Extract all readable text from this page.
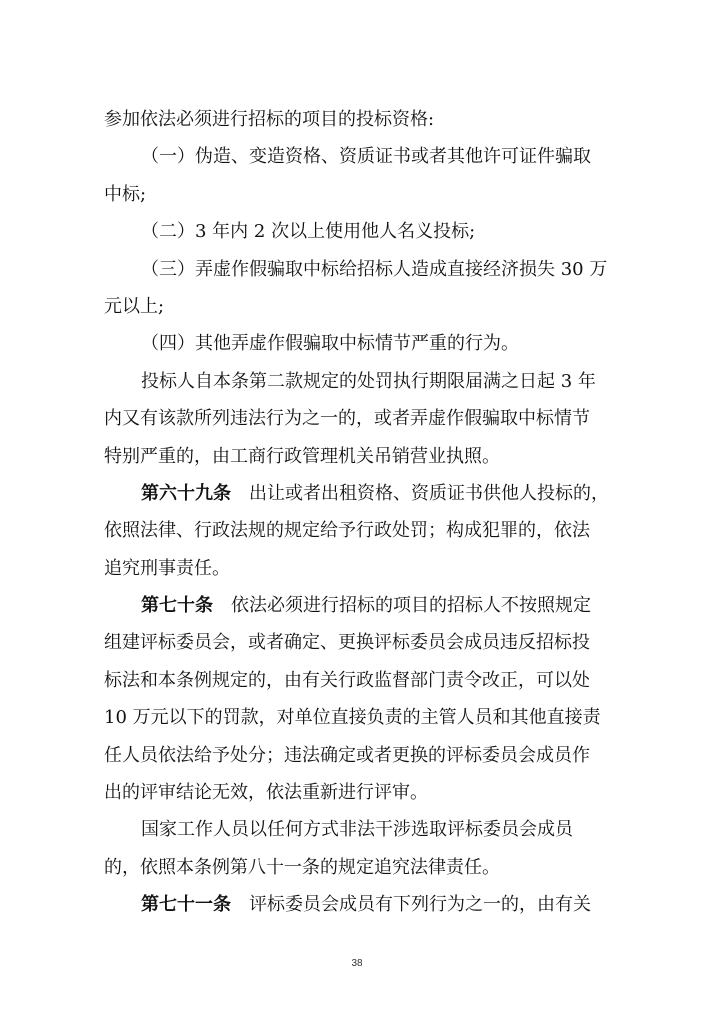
参加依法必须进行招标的项目的投标资格:
（一）伪造、变造资格、资质证书或者其他许可证件骗取
中标;
（二）3 年内 2 次以上使用他人名义投标;
（三）弄虚作假骗取中标给招标人造成直接经济损失 30 万
元以上;
（四）其他弄虚作假骗取中标情节严重的行为。
投标人自本条第二款规定的处罚执行期限届满之日起 3 年
内又有该款所列违法行为之一的，或者弄虚作假骗取中标情节
特别严重的，由工商行政管理机关吊销营业执照。
第六十九条  出让或者出租资格、资质证书供他人投标的，
依照法律、行政法规的规定给予行政处罚；构成犯罪的，依法
追究刑事责任。
第七十条  依法必须进行招标的项目的招标人不按照规定
组建评标委员会，或者确定、更换评标委员会成员违反招标投
标法和本条例规定的，由有关行政监督部门责令改正，可以处
10 万元以下的罚款，对单位直接负责的主管人员和其他直接责
任人员依法给予处分；违法确定或者更换的评标委员会成员作
出的评审结论无效，依法重新进行评审。
国家工作人员以任何方式非法干涉选取评标委员会成员
的，依照本条例第八十一条的规定追究法律责任。
第七十一条  评标委员会成员有下列行为之一的，由有关
38
